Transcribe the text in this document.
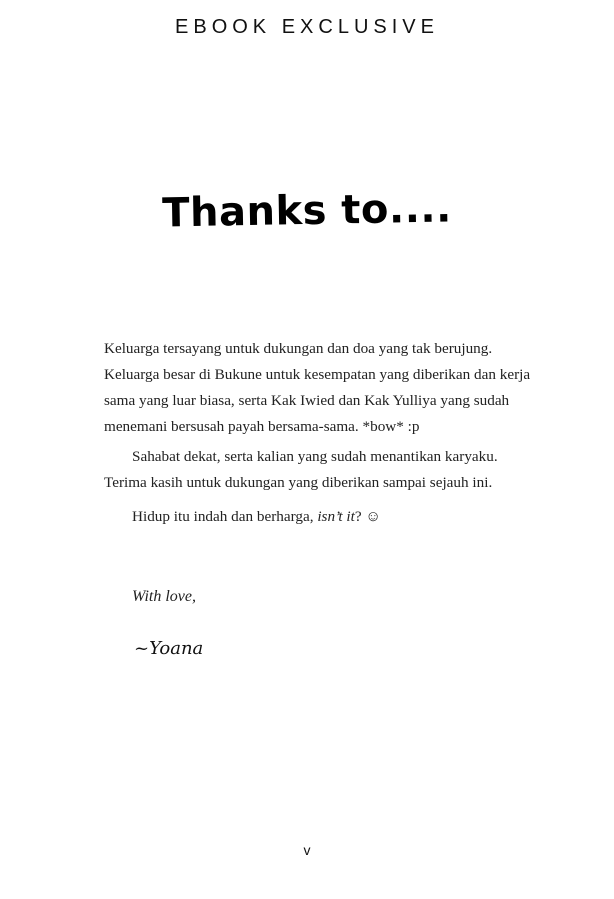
EBOOK EXCLUSIVE
Thanks to....

Keluarga tersayang untuk dukungan dan doa yang tak berujung. Keluarga besar di Bukune untuk kesempatan yang diberikan dan kerja sama yang luar biasa, serta Kak Iwied dan Kak Yulliya yang sudah menemani bersusah payah bersama-sama. *bow* :p

Sahabat dekat, serta kalian yang sudah menantikan karyaku. Terima kasih untuk dukungan yang diberikan sampai sejauh ini.

Hidup itu indah dan berharga, isn’t it? ☺

With love,
~Yoana
v
